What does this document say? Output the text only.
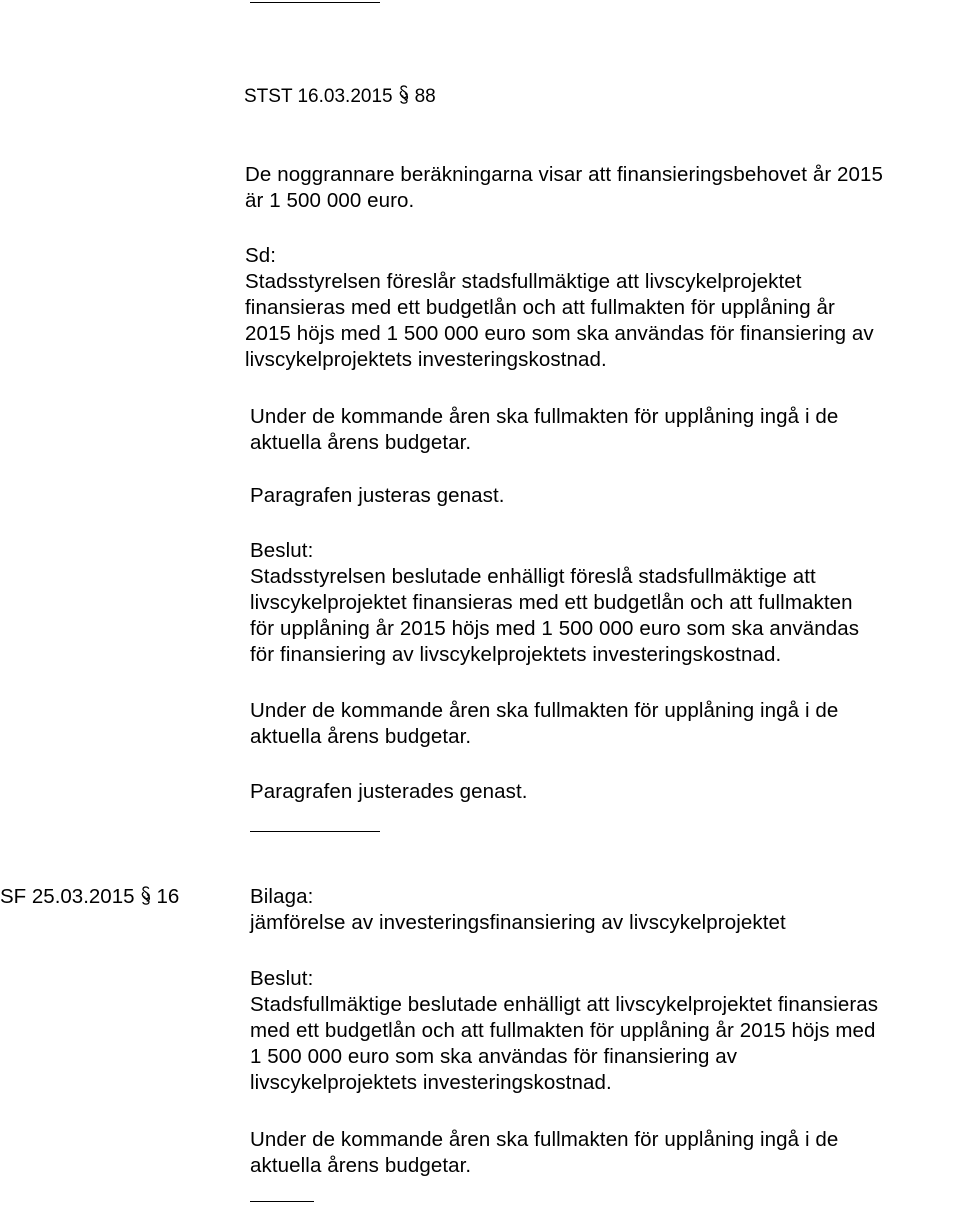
STST 16.03.2015 88
De noggrannare beräkningarna visar att finansieringsbehovet år 2015
är 1 500 000 euro.
Sd:
Stadsstyrelsen föreslår stadsfullmäktige att livscykelprojektet
finansieras med ett budgetlån och att fullmakten för upplåning år
2015 höjs med 1 500 000 euro som ska användas för finansiering av
livscykelprojektets investeringskostnad.
Under de kommande åren ska fullmakten för upplåning ingå i de
aktuella årens budgetar.
Paragrafen justeras genast.
Beslut:
Stadsstyrelsen beslutade enhälligt föreslå stadsfullmäktige att
livscykelprojektet finansieras med ett budgetlån och att fullmakten
för upplåning år 2015 höjs med 1 500 000 euro som ska användas
för finansiering av livscykelprojektets investeringskostnad.
Under de kommande åren ska fullmakten för upplåning ingå i de
aktuella årens budgetar.
Paragrafen justerades genast.
SF 25.03.2015 16	Bilaga:
jämförelse av investeringsfinansiering av livscykelprojektet
Beslut:
Stadsfullmäktige beslutade enhälligt att livscykelprojektet finansieras
med ett budgetlån och att fullmakten för upplåning år 2015 höjs med
1 500 000 euro som ska användas för finansiering av
livscykelprojektets investeringskostnad.
Under de kommande åren ska fullmakten för upplåning ingå i de
aktuella årens budgetar.
